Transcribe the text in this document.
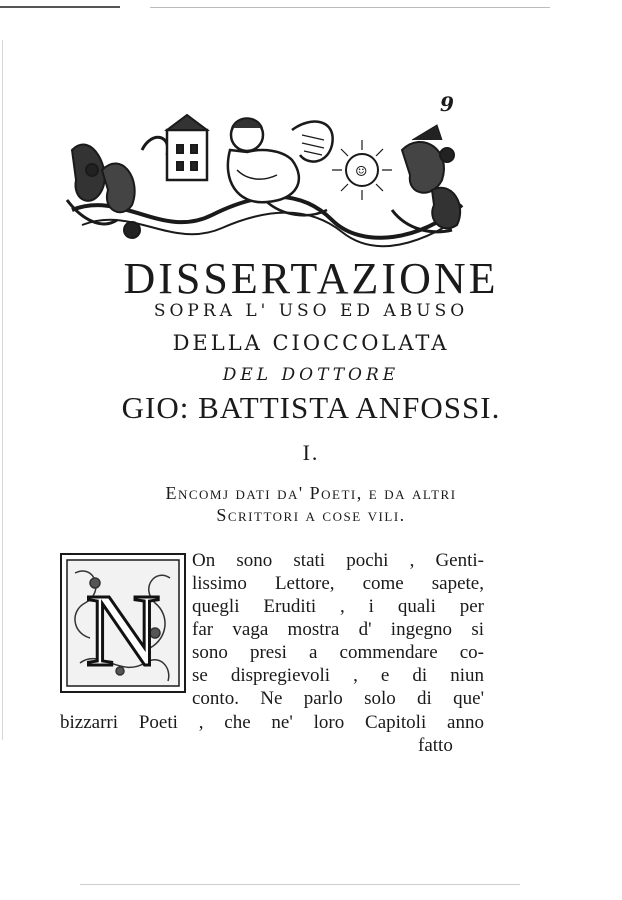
9
☺
DISSERTAZIONE
SOPRA L' USO ED ABUSO
DELLA CIOCCOLATA
DEL DOTTORE
GIO: BATTISTA ANFOSSI.
I.
Encomj dati da' Poeti, e da altri
Scrittori a cose vili.
N
On sono stati pochi , Genti-
lissimo Lettore, come sapete,
quegli Eruditi , i quali per
far vaga mostra d' ingegno si
sono presi a commendare co-
se dispregievoli , e di niun
conto. Ne parlo solo di que'
bizzarri Poeti , che ne' loro Capitoli anno
fatto
